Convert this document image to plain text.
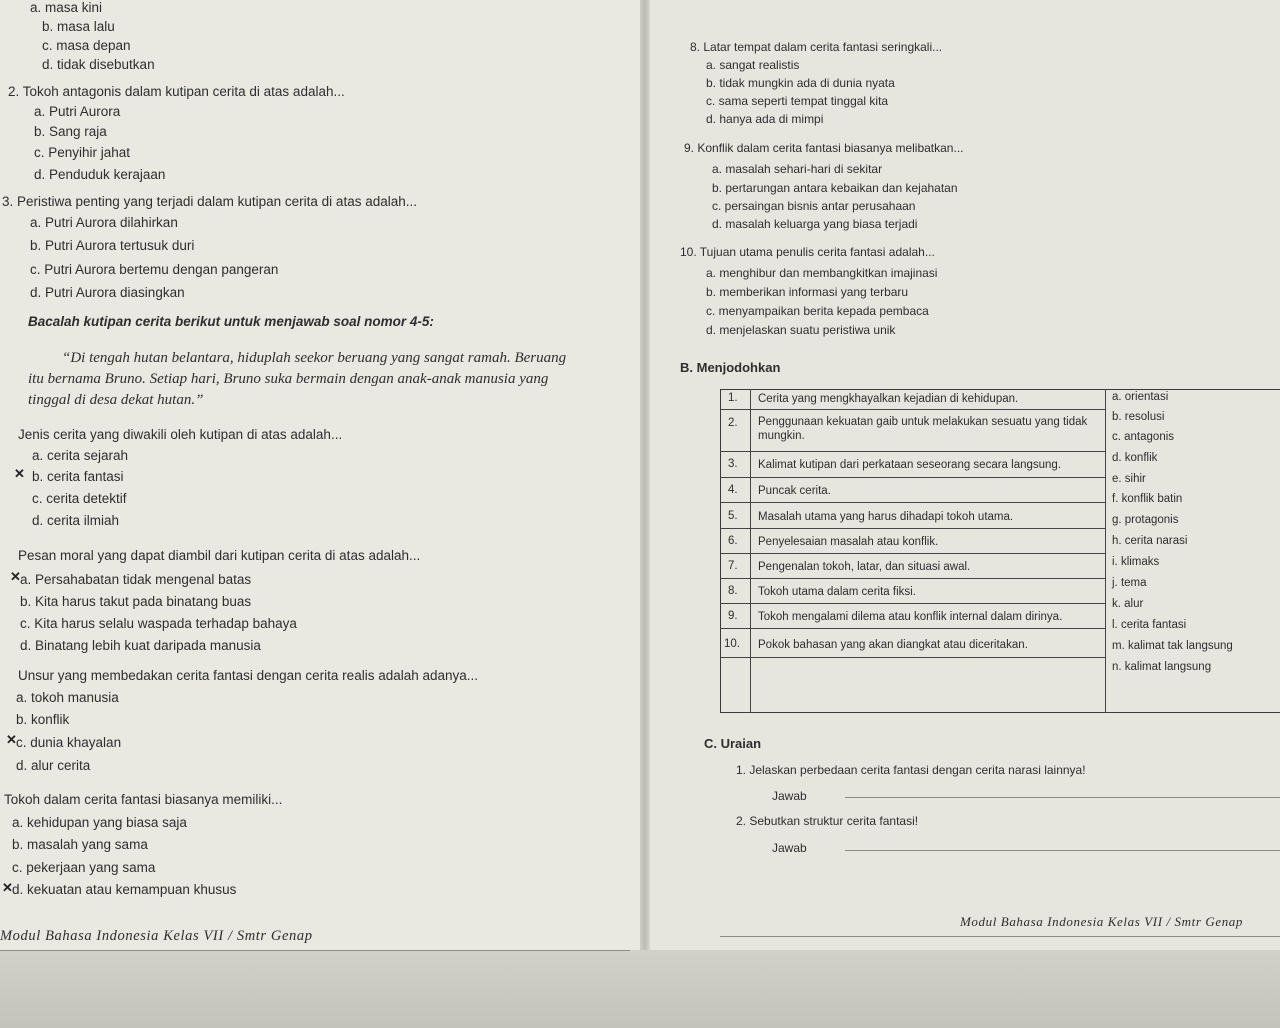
a. masa kini
b. masa lalu
c. masa depan
d. tidak disebutkan
2. Tokoh antagonis dalam kutipan cerita di atas adalah...
a. Putri Aurora
b. Sang raja
c. Penyihir jahat
d. Penduduk kerajaan
3. Peristiwa penting yang terjadi dalam kutipan cerita di atas adalah...
a. Putri Aurora dilahirkan
b. Putri Aurora tertusuk duri
c. Putri Aurora bertemu dengan pangeran
d. Putri Aurora diasingkan
Bacalah kutipan cerita berikut untuk menjawab soal nomor 4-5:
“Di tengah hutan belantara, hiduplah seekor beruang yang sangat ramah. Beruang
itu bernama Bruno. Setiap hari, Bruno suka bermain dengan anak-anak manusia yang
tinggal di desa dekat hutan.”
Jenis cerita yang diwakili oleh kutipan di atas adalah...
a. cerita sejarah
b. cerita fantasi
c. cerita detektif
d. cerita ilmiah
✕
Pesan moral yang dapat diambil dari kutipan cerita di atas adalah...
a. Persahabatan tidak mengenal batas
b. Kita harus takut pada binatang buas
c. Kita harus selalu waspada terhadap bahaya
d. Binatang lebih kuat daripada manusia
✕
Unsur yang membedakan cerita fantasi dengan cerita realis adalah adanya...
a. tokoh manusia
b. konflik
c. dunia khayalan
d. alur cerita
✕
Tokoh dalam cerita fantasi biasanya memiliki...
a. kehidupan yang biasa saja
b. masalah yang sama
c. pekerjaan yang sama
d. kekuatan atau kemampuan khusus
✕
Modul Bahasa Indonesia Kelas VII / Smtr Genap
8. Latar tempat dalam cerita fantasi seringkali...
a. sangat realistis
b. tidak mungkin ada di dunia nyata
c. sama seperti tempat tinggal kita
d. hanya ada di mimpi
9. Konflik dalam cerita fantasi biasanya melibatkan...
a. masalah sehari-hari di sekitar
b. pertarungan antara kebaikan dan kejahatan
c. persaingan bisnis antar perusahaan
d. masalah keluarga yang biasa terjadi
10. Tujuan utama penulis cerita fantasi adalah...
a. menghibur dan membangkitkan imajinasi
b. memberikan informasi yang terbaru
c. menyampaikan berita kepada pembaca
d. menjelaskan suatu peristiwa unik
B. Menjodohkan
1. Cerita yang mengkhayalkan kejadian di kehidupan.
2. Penggunaan kekuatan gaib untuk melakukan sesuatu yang tidak mungkin.
3. Kalimat kutipan dari perkataan seseorang secara langsung.
4. Puncak cerita.
5. Masalah utama yang harus dihadapi tokoh utama.
6. Penyelesaian masalah atau konflik.
7. Pengenalan tokoh, latar, dan situasi awal.
8. Tokoh utama dalam cerita fiksi.
9. Tokoh mengalami dilema atau konflik internal dalam dirinya.
10. Pokok bahasan yang akan diangkat atau diceritakan.
a. orientasi
b. resolusi
c. antagonis
d. konflik
e. sihir
f. konflik batin
g. protagonis
h. cerita narasi
i. klimaks
j. tema
k. alur
l. cerita fantasi
m. kalimat tak langsung
n. kalimat langsung
C. Uraian
1. Jelaskan perbedaan cerita fantasi dengan cerita narasi lainnya!
Jawab
2. Sebutkan struktur cerita fantasi!
Jawab
Modul Bahasa Indonesia Kelas VII / Smtr Genap
